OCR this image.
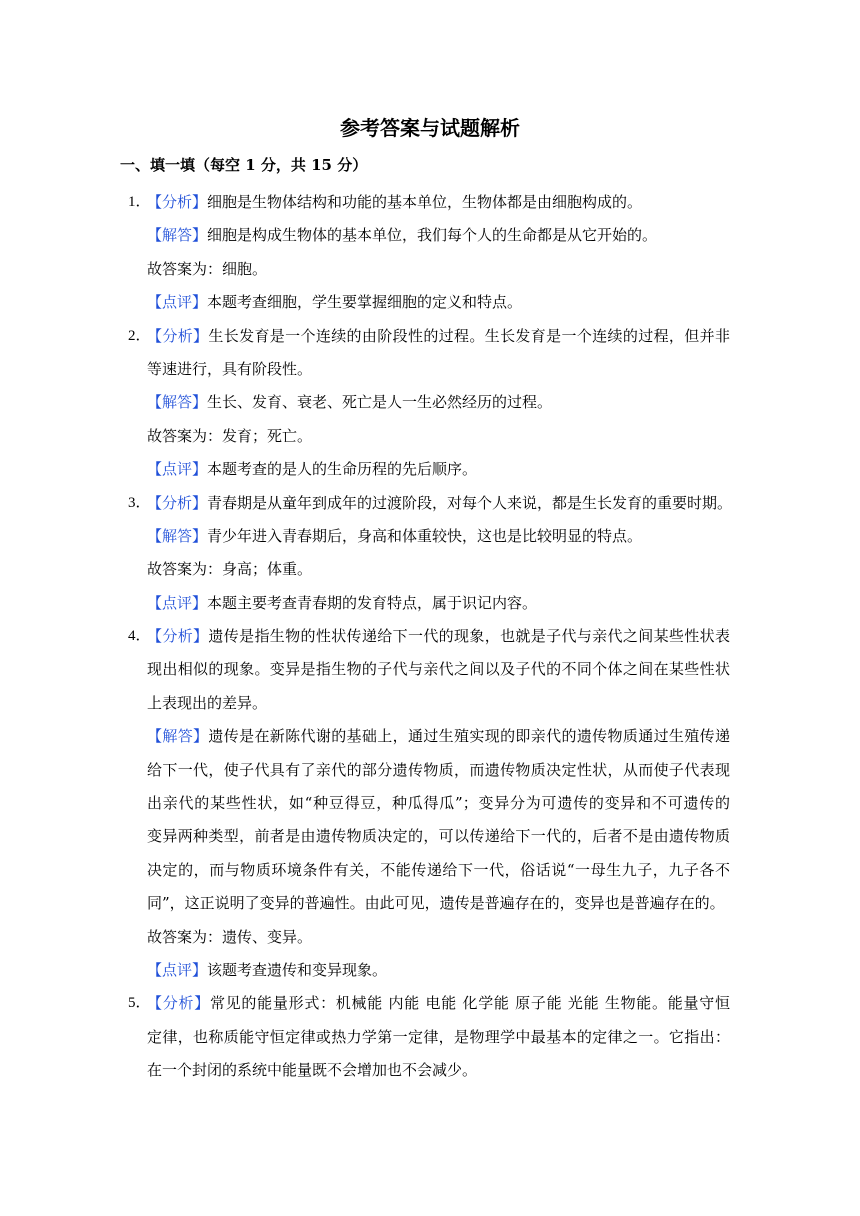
参考答案与试题解析
一、填一填（每空 1 分，共 15 分）
1．
【分析】细胞是生物体结构和功能的基本单位，生物体都是由细胞构成的。
【解答】细胞是构成生物体的基本单位，我们每个人的生命都是从它开始的。
故答案为：细胞。
【点评】本题考查细胞，学生要掌握细胞的定义和特点。
2．
【分析】生长发育是一个连续的由阶段性的过程。生长发育是一个连续的过程，但并非
等速进行，具有阶段性。
【解答】生长、发育、衰老、死亡是人一生必然经历的过程。
故答案为：发育；死亡。
【点评】本题考查的是人的生命历程的先后顺序。
3．
【分析】青春期是从童年到成年的过渡阶段，对每个人来说，都是生长发育的重要时期。
【解答】青少年进入青春期后，身高和体重较快，这也是比较明显的特点。
故答案为：身高；体重。
【点评】本题主要考查青春期的发育特点，属于识记内容。
4．
【分析】遗传是指生物的性状传递给下一代的现象，也就是子代与亲代之间某些性状表
现出相似的现象。变异是指生物的子代与亲代之间以及子代的不同个体之间在某些性状
上表现出的差异。
【解答】遗传是在新陈代谢的基础上，通过生殖实现的即亲代的遗传物质通过生殖传递
给下一代，使子代具有了亲代的部分遗传物质，而遗传物质决定性状，从而使子代表现
出亲代的某些性状，如“种豆得豆，种瓜得瓜”；变异分为可遗传的变异和不可遗传的
变异两种类型，前者是由遗传物质决定的，可以传递给下一代的，后者不是由遗传物质
决定的，而与物质环境条件有关，不能传递给下一代，俗话说“一母生九子，九子各不
同”，这正说明了变异的普遍性。由此可见，遗传是普遍存在的，变异也是普遍存在的。
故答案为：遗传、变异。
【点评】该题考查遗传和变异现象。
5．
【分析】常见的能量形式：机械能 内能 电能 化学能 原子能 光能 生物能。能量守恒
定律，也称质能守恒定律或热力学第一定律，是物理学中最基本的定律之一。它指出：
在一个封闭的系统中能量既不会增加也不会减少。
